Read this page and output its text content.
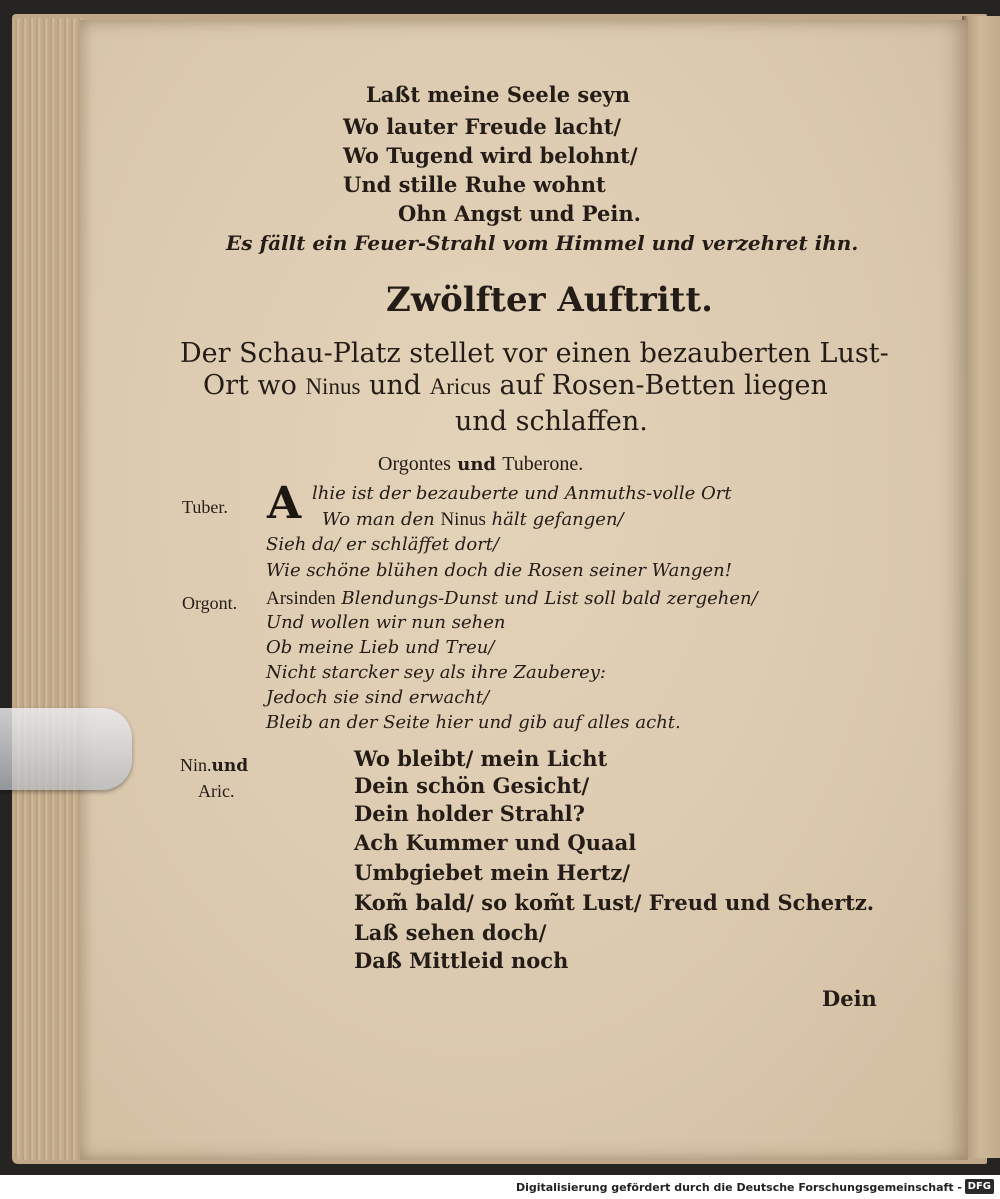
Laßt meine Seele seyn
Wo lauter Freude lacht/
Wo Tugend wird belohnt/
Und stille Ruhe wohnt
Ohn Angst und Pein.
Es fällt ein Feuer-Strahl vom Himmel und verzehret ihn.
Zwölfter Auftritt.
Der Schau-Platz stellet vor einen bezauberten Lust-
Ort wo Ninus und Aricus auf Rosen-Betten liegen
und schlaffen.
Orgontes und Tuberone.
Tuber. A lhie ist der bezauberte und Anmuths-volle Ort
Wo man den Ninus hält gefangen/
Sieh da/ er schläffet dort/
Wie schöne blühen doch die Rosen seiner Wangen!
Orgont. Arsinden Blendungs-Dunst und List soll bald zergehen/
Und wollen wir nun sehen
Ob meine Lieb und Treu/
Nicht starcker sey als ihre Zauberey:
Jedoch sie sind erwacht/
Bleib an der Seite hier und gib auf alles acht.
Nin.und
Aric.
Wo bleibt/ mein Licht
Dein schön Gesicht/
Dein holder Strahl?
Ach Kummer und Quaal
Umbgiebet mein Hertz/
Kom̃ bald/ so kom̃t Lust/ Freud und Schertz.
Laß sehen doch/
Daß Mittleid noch
Dein
Digitalisierung gefördert durch die Deutsche Forschungsgemeinschaft - DFG
